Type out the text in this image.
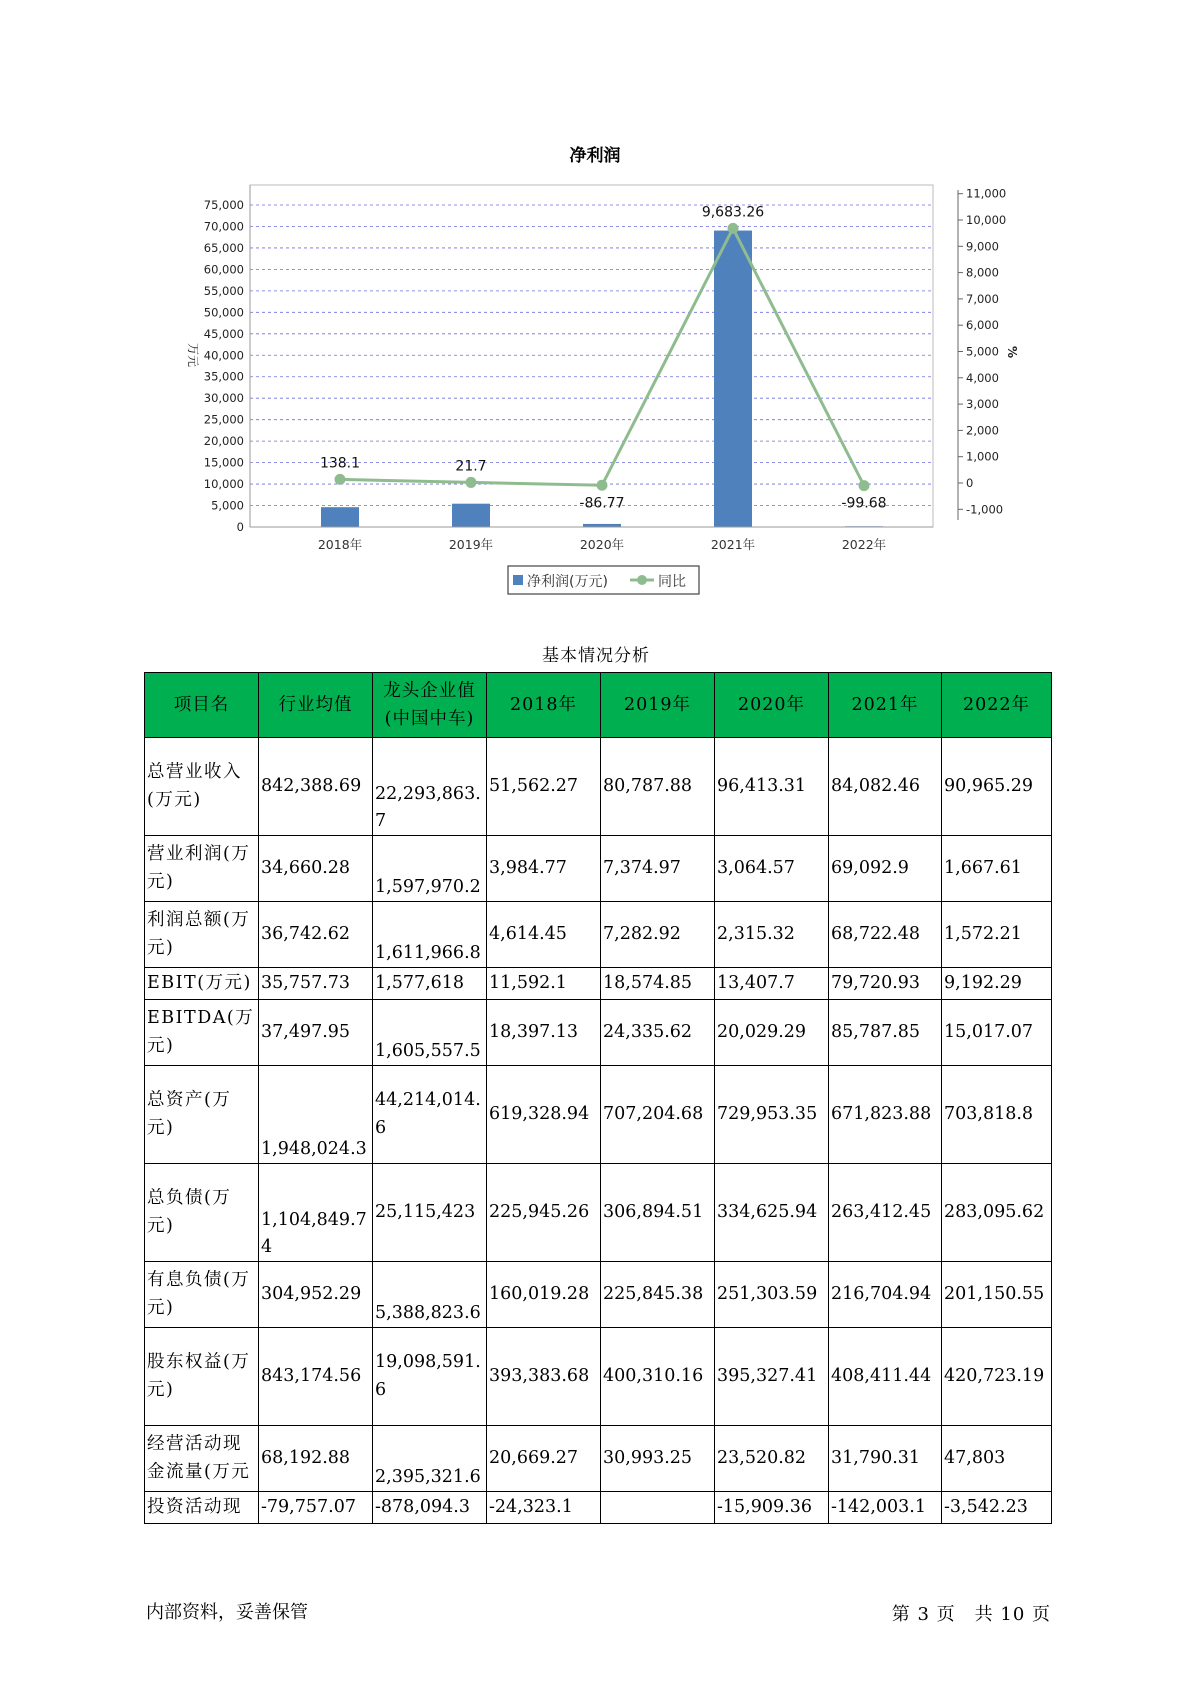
净利润
0
5,000
10,000
15,000
20,000
25,000
30,000
35,000
40,000
45,000
50,000
55,000
60,000
65,000
70,000
75,000
-1,000
0
1,000
2,000
3,000
4,000
5,000
6,000
7,000
8,000
9,000
10,000
11,000
138.1	21.7
-86.77
9,683.26
-99.68
2018年	2019年	2020年	2021年	2022年
万元	%
净利润(万元)	同比
基本情况分析
项目名	行业均值	龙头企业值(中国中车)	2018年	2019年	2020年	2021年	2022年
总营业收入(万元)	842,388.69	22,293,863.7	51,562.27	80,787.88	96,413.31	84,082.46	90,965.29
营业利润(万元)	34,660.28	1,597,970.2	3,984.77	7,374.97	3,064.57	69,092.9	1,667.61
利润总额(万元)	36,742.62	1,611,966.8	4,614.45	7,282.92	2,315.32	68,722.48	1,572.21
EBIT(万元)	35,757.73	1,577,618	11,592.1	18,574.85	13,407.7	79,720.93	9,192.29
EBITDA(万元)	37,497.95	1,605,557.5	18,397.13	24,335.62	20,029.29	85,787.85	15,017.07
总资产(万元)	1,948,024.3	44,214,014.6	619,328.94	707,204.68	729,953.35	671,823.88	703,818.8
总负债(万元)	1,104,849.74	25,115,423	225,945.26	306,894.51	334,625.94	263,412.45	283,095.62
有息负债(万元)	304,952.29	5,388,823.6	160,019.28	225,845.38	251,303.59	216,704.94	201,150.55
股东权益(万元)	843,174.56	19,098,591.6	393,383.68	400,310.16	395,327.41	408,411.44	420,723.19
经营活动现金流量(万元	68,192.88	2,395,321.6	20,669.27	30,993.25	23,520.82	31,790.31	47,803
投资活动现	-79,757.07	-878,094.3	-24,323.1		-15,909.36	-142,003.1	-3,542.23
内部资料，妥善保管	第 3 页　共 10 页
